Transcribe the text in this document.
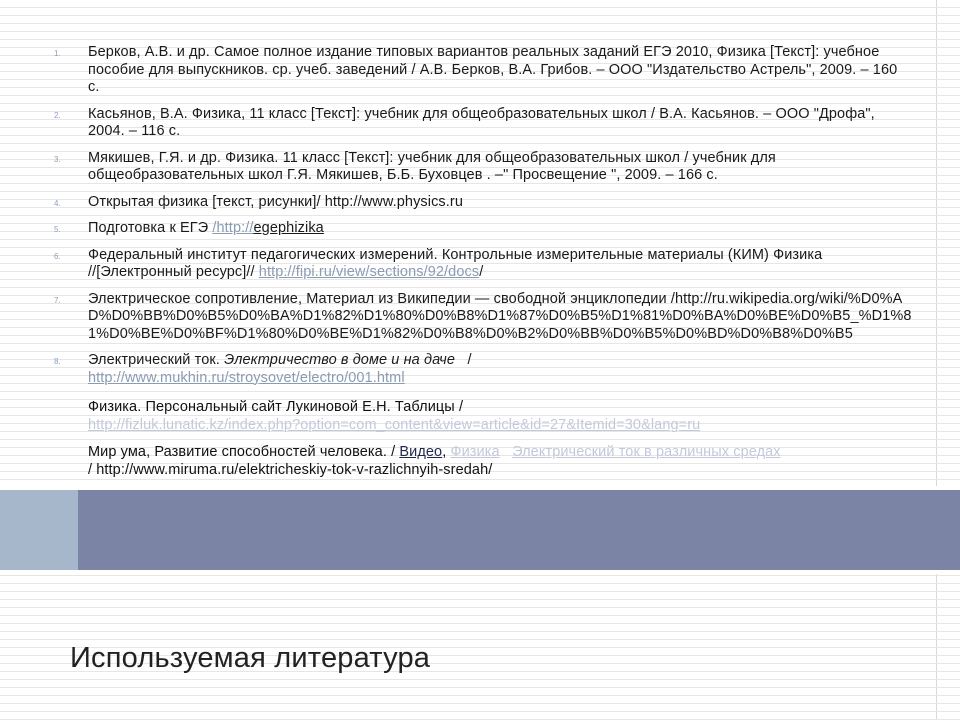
1. Берков, А.В. и др. Самое полное издание типовых вариантов реальных заданий ЕГЭ 2010, Физика [Текст]: учебное пособие для выпускников. ср. учеб. заведений / А.В. Берков, В.А. Грибов. – ООО "Издательство Астрель", 2009. – 160 с.
2. Касьянов, В.А. Физика, 11 класс [Текст]: учебник для общеобразовательных школ / В.А. Касьянов. – ООО "Дрофа", 2004. – 116 с.
3. Мякишев, Г.Я. и др. Физика. 11 класс [Текст]: учебник для общеобразовательных школ / учебник для общеобразовательных школ Г.Я. Мякишев, Б.Б. Буховцев . –" Просвещение ", 2009. – 166 с.
4. Открытая физика [текст, рисунки]/ http://www.physics.ru
5. Подготовка к ЕГЭ /http://egephizika
6. Федеральный институт педагогических измерений. Контрольные измерительные материалы (КИМ) Физика //[Электронный ресурс]// http://fipi.ru/view/sections/92/docs/
7. Электрическое сопротивление, Материал из Википедии — свободной энциклопедии /http://ru.wikipedia.org/wiki/%D0%AD%D0%BB%D0%B5%D0%BA%D1%82%D1%80%D0%B8%D1%87%D0%B5%D1%81%D0%BA%D0%BE%D0%B5_%D1%81%D0%BE%D0%BF%D1%80%D0%BE%D1%82%D0%B8%D0%B2%D0%BB%D0%B5%D0%BD%D0%B8%D0%B5
8. Электрический ток. Электричество в доме и на даче   /
http://www.mukhin.ru/stroysovet/electro/001.html
Физика. Персональный сайт Лукиновой Е.Н. Таблицы /
http://fizluk.lunatic.kz/index.php?option=com_content&view=article&id=27&Itemid=30&lang=ru
Мир ума, Развитие способностей человека. / Видео, Физика Электрический ток в различных средах
/ http://www.miruma.ru/elektricheskiy-tok-v-razlichnyih-sredah/
Используемая литература
